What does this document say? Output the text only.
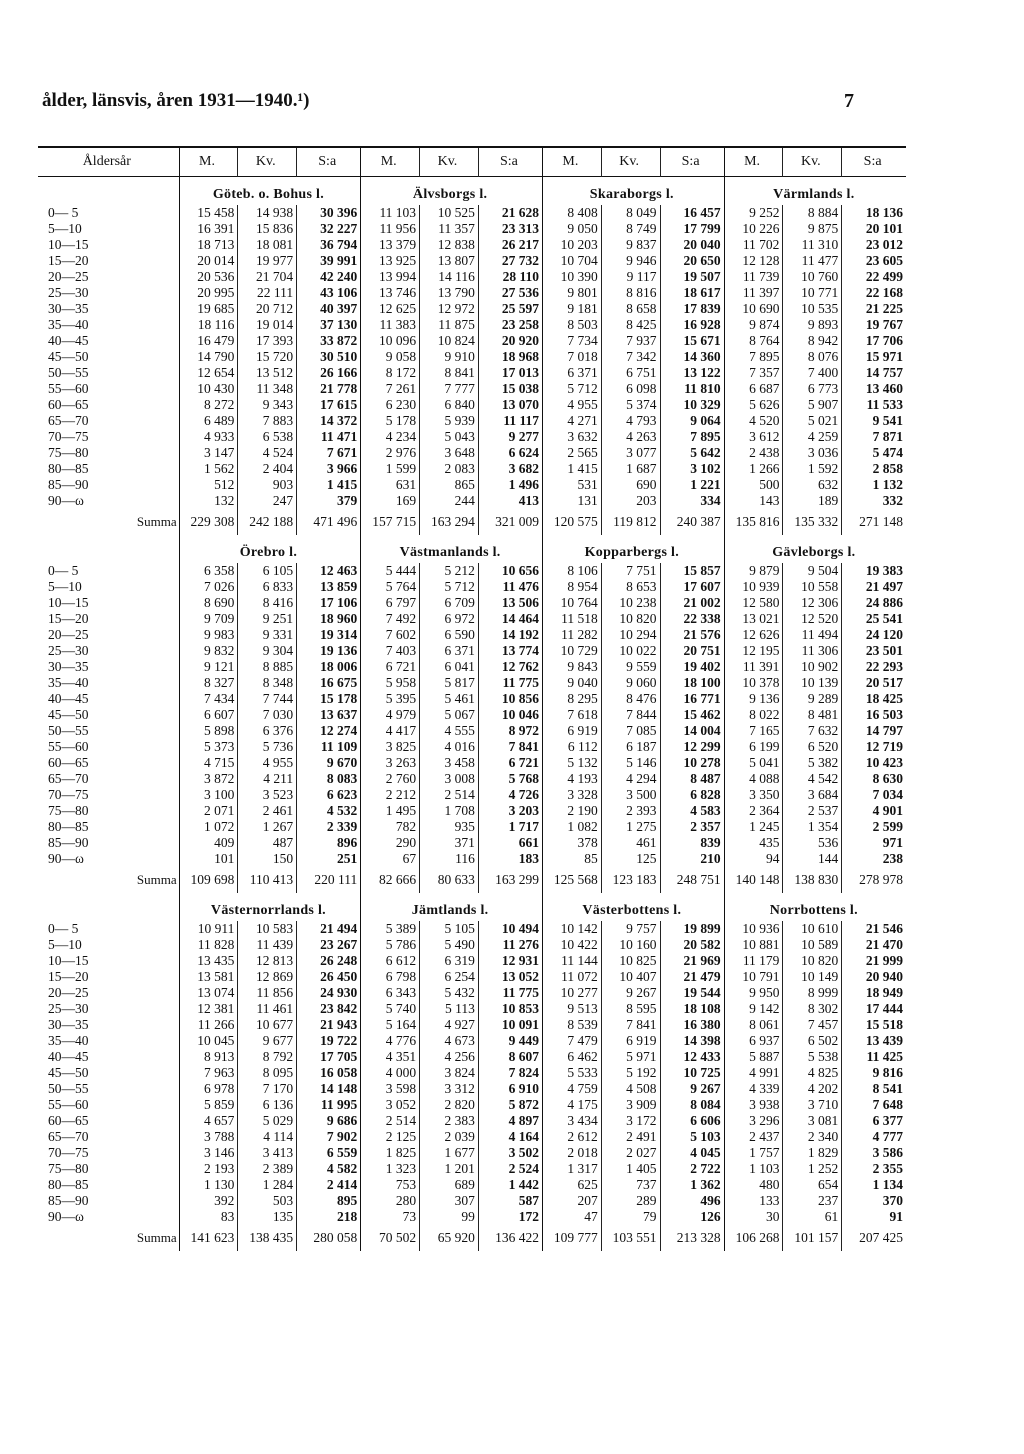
ålder, länsvis, åren 1931—1940.¹)	7
Åldersår	M.	Kv.	S:a	M.	Kv.	S:a	M.	Kv.	S:a	M.	Kv.	S:a
	Göteb. o. Bohus l.			Älvsborgs l.			Skaraborgs l.			Värmlands l.		
0— 5	15 458	14 938	30 396	11 103	10 525	21 628	8 408	8 049	16 457	9 252	8 884	18 136
5—10	16 391	15 836	32 227	11 956	11 357	23 313	9 050	8 749	17 799	10 226	9 875	20 101
10—15	18 713	18 081	36 794	13 379	12 838	26 217	10 203	9 837	20 040	11 702	11 310	23 012
15—20	20 014	19 977	39 991	13 925	13 807	27 732	10 704	9 946	20 650	12 128	11 477	23 605
20—25	20 536	21 704	42 240	13 994	14 116	28 110	10 390	9 117	19 507	11 739	10 760	22 499
25—30	20 995	22 111	43 106	13 746	13 790	27 536	9 801	8 816	18 617	11 397	10 771	22 168
30—35	19 685	20 712	40 397	12 625	12 972	25 597	9 181	8 658	17 839	10 690	10 535	21 225
35—40	18 116	19 014	37 130	11 383	11 875	23 258	8 503	8 425	16 928	9 874	9 893	19 767
40—45	16 479	17 393	33 872	10 096	10 824	20 920	7 734	7 937	15 671	8 764	8 942	17 706
45—50	14 790	15 720	30 510	9 058	9 910	18 968	7 018	7 342	14 360	7 895	8 076	15 971
50—55	12 654	13 512	26 166	8 172	8 841	17 013	6 371	6 751	13 122	7 357	7 400	14 757
55—60	10 430	11 348	21 778	7 261	7 777	15 038	5 712	6 098	11 810	6 687	6 773	13 460
60—65	8 272	9 343	17 615	6 230	6 840	13 070	4 955	5 374	10 329	5 626	5 907	11 533
65—70	6 489	7 883	14 372	5 178	5 939	11 117	4 271	4 793	9 064	4 520	5 021	9 541
70—75	4 933	6 538	11 471	4 234	5 043	9 277	3 632	4 263	7 895	3 612	4 259	7 871
75—80	3 147	4 524	7 671	2 976	3 648	6 624	2 565	3 077	5 642	2 438	3 036	5 474
80—85	1 562	2 404	3 966	1 599	2 083	3 682	1 415	1 687	3 102	1 266	1 592	2 858
85—90	512	903	1 415	631	865	1 496	531	690	1 221	500	632	1 132
90—ω	132	247	379	169	244	413	131	203	334	143	189	332
Summa	229 308	242 188	471 496	157 715	163 294	321 009	120 575	119 812	240 387	135 816	135 332	271 148
	Örebro l.			Västmanlands l.			Kopparbergs l.			Gävleborgs l.		
0— 5	6 358	6 105	12 463	5 444	5 212	10 656	8 106	7 751	15 857	9 879	9 504	19 383
5—10	7 026	6 833	13 859	5 764	5 712	11 476	8 954	8 653	17 607	10 939	10 558	21 497
10—15	8 690	8 416	17 106	6 797	6 709	13 506	10 764	10 238	21 002	12 580	12 306	24 886
15—20	9 709	9 251	18 960	7 492	6 972	14 464	11 518	10 820	22 338	13 021	12 520	25 541
20—25	9 983	9 331	19 314	7 602	6 590	14 192	11 282	10 294	21 576	12 626	11 494	24 120
25—30	9 832	9 304	19 136	7 403	6 371	13 774	10 729	10 022	20 751	12 195	11 306	23 501
30—35	9 121	8 885	18 006	6 721	6 041	12 762	9 843	9 559	19 402	11 391	10 902	22 293
35—40	8 327	8 348	16 675	5 958	5 817	11 775	9 040	9 060	18 100	10 378	10 139	20 517
40—45	7 434	7 744	15 178	5 395	5 461	10 856	8 295	8 476	16 771	9 136	9 289	18 425
45—50	6 607	7 030	13 637	4 979	5 067	10 046	7 618	7 844	15 462	8 022	8 481	16 503
50—55	5 898	6 376	12 274	4 417	4 555	8 972	6 919	7 085	14 004	7 165	7 632	14 797
55—60	5 373	5 736	11 109	3 825	4 016	7 841	6 112	6 187	12 299	6 199	6 520	12 719
60—65	4 715	4 955	9 670	3 263	3 458	6 721	5 132	5 146	10 278	5 041	5 382	10 423
65—70	3 872	4 211	8 083	2 760	3 008	5 768	4 193	4 294	8 487	4 088	4 542	8 630
70—75	3 100	3 523	6 623	2 212	2 514	4 726	3 328	3 500	6 828	3 350	3 684	7 034
75—80	2 071	2 461	4 532	1 495	1 708	3 203	2 190	2 393	4 583	2 364	2 537	4 901
80—85	1 072	1 267	2 339	782	935	1 717	1 082	1 275	2 357	1 245	1 354	2 599
85—90	409	487	896	290	371	661	378	461	839	435	536	971
90—ω	101	150	251	67	116	183	85	125	210	94	144	238
Summa	109 698	110 413	220 111	82 666	80 633	163 299	125 568	123 183	248 751	140 148	138 830	278 978
	Västernorrlands l.			Jämtlands l.			Västerbottens l.			Norrbottens l.		
0— 5	10 911	10 583	21 494	5 389	5 105	10 494	10 142	9 757	19 899	10 936	10 610	21 546
5—10	11 828	11 439	23 267	5 786	5 490	11 276	10 422	10 160	20 582	10 881	10 589	21 470
10—15	13 435	12 813	26 248	6 612	6 319	12 931	11 144	10 825	21 969	11 179	10 820	21 999
15—20	13 581	12 869	26 450	6 798	6 254	13 052	11 072	10 407	21 479	10 791	10 149	20 940
20—25	13 074	11 856	24 930	6 343	5 432	11 775	10 277	9 267	19 544	9 950	8 999	18 949
25—30	12 381	11 461	23 842	5 740	5 113	10 853	9 513	8 595	18 108	9 142	8 302	17 444
30—35	11 266	10 677	21 943	5 164	4 927	10 091	8 539	7 841	16 380	8 061	7 457	15 518
35—40	10 045	9 677	19 722	4 776	4 673	9 449	7 479	6 919	14 398	6 937	6 502	13 439
40—45	8 913	8 792	17 705	4 351	4 256	8 607	6 462	5 971	12 433	5 887	5 538	11 425
45—50	7 963	8 095	16 058	4 000	3 824	7 824	5 533	5 192	10 725	4 991	4 825	9 816
50—55	6 978	7 170	14 148	3 598	3 312	6 910	4 759	4 508	9 267	4 339	4 202	8 541
55—60	5 859	6 136	11 995	3 052	2 820	5 872	4 175	3 909	8 084	3 938	3 710	7 648
60—65	4 657	5 029	9 686	2 514	2 383	4 897	3 434	3 172	6 606	3 296	3 081	6 377
65—70	3 788	4 114	7 902	2 125	2 039	4 164	2 612	2 491	5 103	2 437	2 340	4 777
70—75	3 146	3 413	6 559	1 825	1 677	3 502	2 018	2 027	4 045	1 757	1 829	3 586
75—80	2 193	2 389	4 582	1 323	1 201	2 524	1 317	1 405	2 722	1 103	1 252	2 355
80—85	1 130	1 284	2 414	753	689	1 442	625	737	1 362	480	654	1 134
85—90	392	503	895	280	307	587	207	289	496	133	237	370
90—ω	83	135	218	73	99	172	47	79	126	30	61	91
Summa	141 623	138 435	280 058	70 502	65 920	136 422	109 777	103 551	213 328	106 268	101 157	207 425
